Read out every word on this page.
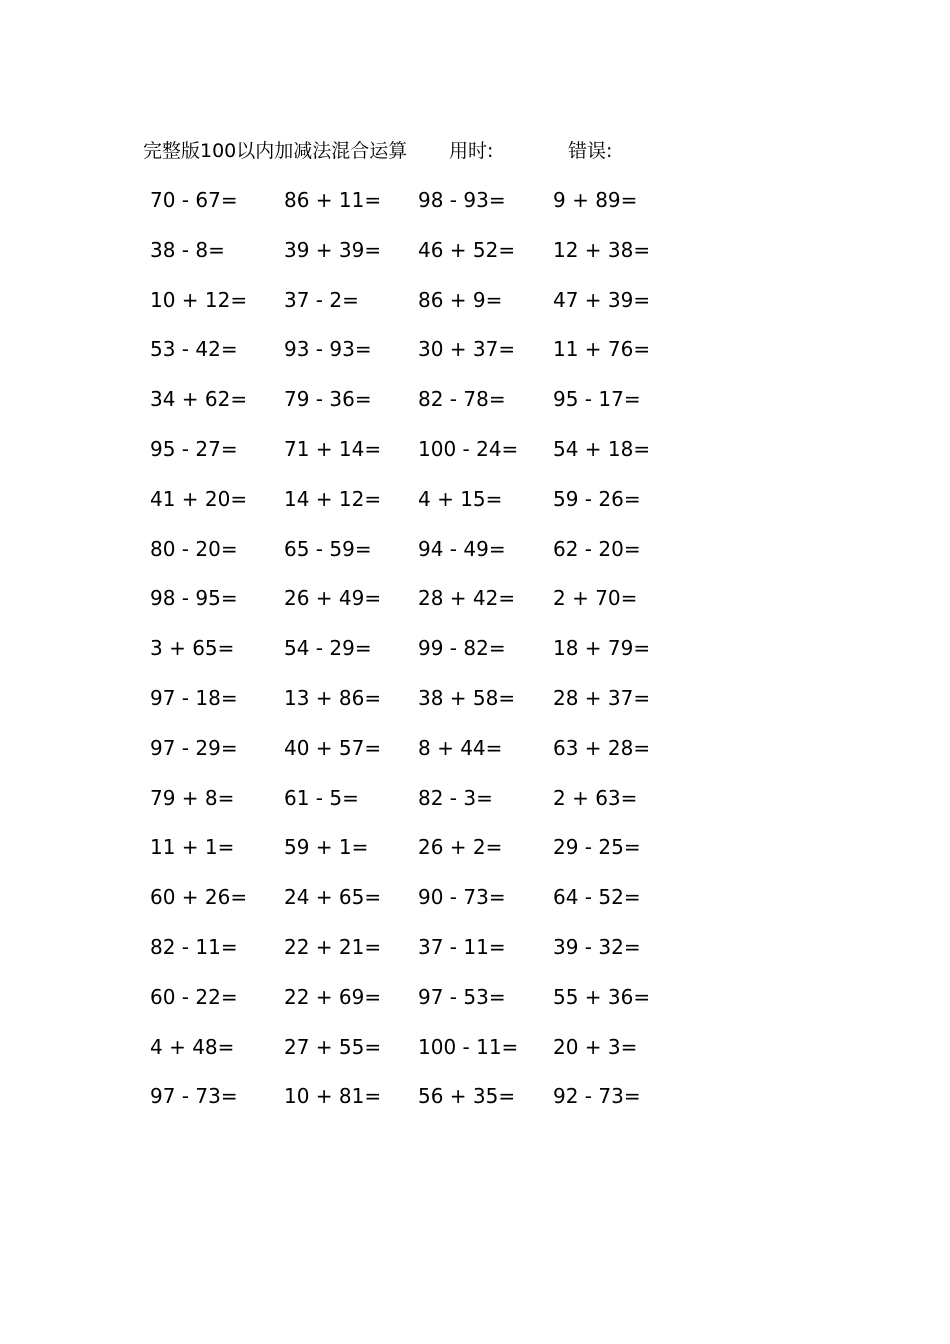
完整版100以内加减法混合运算 用时:	错误:
70 - 67=	86 + 11=	98 - 93=	9 + 89=
38 - 8=	39 + 39=	46 + 52=	12 + 38=
10 + 12=	37 - 2=	86 + 9=	47 + 39=
53 - 42=	93 - 93=	30 + 37=	11 + 76=
34 + 62=	79 - 36=	82 - 78=	95 - 17=
95 - 27=	71 + 14=	100 - 24=	54 + 18=
41 + 20=	14 + 12=	4 + 15=	59 - 26=
80 - 20=	65 - 59=	94 - 49=	62 - 20=
98 - 95=	26 + 49=	28 + 42=	2 + 70=
3 + 65=	54 - 29=	99 - 82=	18 + 79=
97 - 18=	13 + 86=	38 + 58=	28 + 37=
97 - 29=	40 + 57=	8 + 44=	63 + 28=
79 + 8=	61 - 5=	82 - 3=	2 + 63=
11 + 1=	59 + 1=	26 + 2=	29 - 25=
60 + 26=	24 + 65=	90 - 73=	64 - 52=
82 - 11=	22 + 21=	37 - 11=	39 - 32=
60 - 22=	22 + 69=	97 - 53=	55 + 36=
4 + 48=	27 + 55=	100 - 11=	20 + 3=
97 - 73=	10 + 81=	56 + 35=	92 - 73=
